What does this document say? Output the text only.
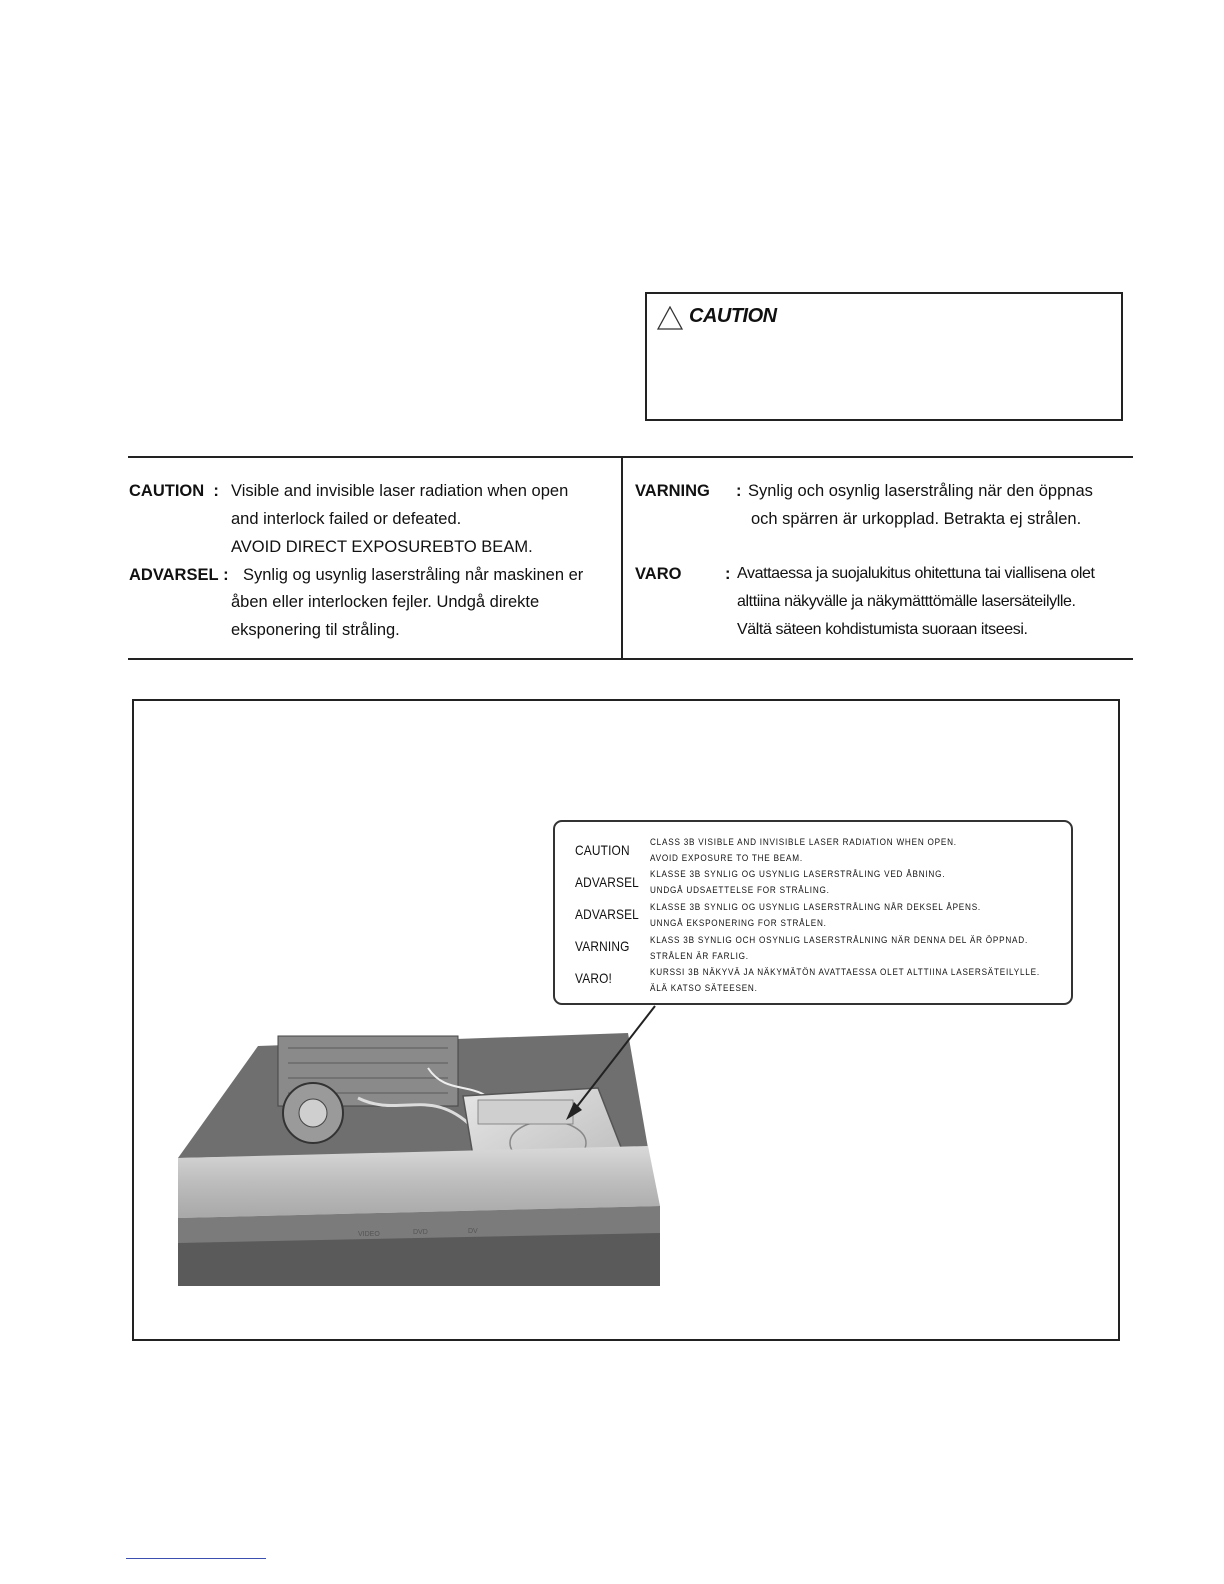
CAUTION
CAUTION  : Visible and invisible laser radiation when open
and interlock failed or defeated.
AVOID DIRECT EXPOSUREBTO BEAM.
ADVARSEL : Synlig og usynlig laserstråling når maskinen er
åben eller interlocken fejler. Undgå direkte
eksponering til stråling.
VARNING : Synlig och osynlig laserstråling när den öppnas
och spärren är urkopplad. Betrakta ej strålen.
VARO	: Avattaessa ja suojalukitus ohitettuna tai viallisena olet
alttiina näkyvälle ja näkymätttömälle lasersäteilylle.
Vältä säteen kohdistumista suoraan itseesi.
CAUTION CLASS 3B VISIBLE AND INVISIBLE LASER RADIATION WHEN OPEN.
AVOID EXPOSURE TO THE BEAM.
ADVARSEL KLASSE 3B SYNLIG OG USYNLIG LASERSTRÅLING VED ÅBNING.
UNDGÅ UDSAETTELSE FOR STRÅLING.
ADVARSEL KLASSE 3B SYNLIG OG USYNLIG LASERSTRÅLING NÅR DEKSEL ÅPENS.
UNNGÅ EKSPONERING FOR STRÅLEN.
VARNING KLASS 3B SYNLIG OCH OSYNLIG LASERSTRÅLNING NÄR DENNA DEL ÄR ÖPPNAD.
STRÅLEN ÄR FARLIG.
VARO!	KURSSI 3B NÄKYVÄ JA NÄKYMÄTÖN AVATTAESSA OLET ALTTIINA LASERSÄTEILYLLE.
ÄLÄ KATSO SÄTEESEN.
VIDEO	DVD	DV
